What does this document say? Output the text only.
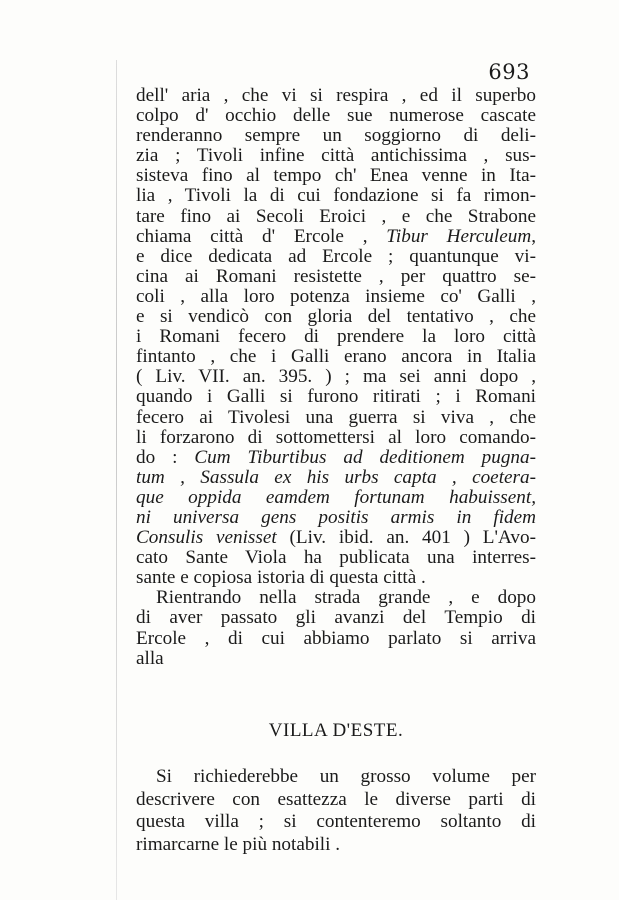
693
dell' aria , che vi si respira , ed il superbo
colpo d' occhio delle sue numerose cascate
renderanno sempre un soggiorno di deli-
zia ; Tivoli infine città antichissima , sus-
sisteva fino al tempo ch' Enea venne in Ita-
lia , Tivoli la di cui fondazione si fa rimon-
tare fino ai Secoli Eroici , e che Strabone
chiama città d' Ercole , Tibur Herculeum,
e dice dedicata ad Ercole ; quantunque vi-
cina ai Romani resistette , per quattro se-
coli , alla loro potenza insieme co' Galli ,
e si vendicò con gloria del tentativo , che
i Romani fecero di prendere la loro città
fintanto , che i Galli erano ancora in Italia
( Liv. VII. an. 395. ) ; ma sei anni dopo ,
quando i Galli si furono ritirati ; i Romani
fecero ai Tivolesi una guerra si viva , che
li forzarono di sottomettersi al loro comando-
do : Cum Tiburtibus ad deditionem pugna-
tum , Sassula ex his urbs capta , coetera-
que oppida eamdem fortunam habuissent,
ni universa gens positis armis in fidem
Consulis venisset (Liv. ibid. an. 401 ) L'Avo-
cato Sante Viola ha publicata una interres-
sante e copiosa istoria di questa città .
Rientrando nella strada grande , e dopo
di aver passato gli avanzi del Tempio di
Ercole , di cui abbiamo parlato si arriva
alla
VILLA D'ESTE.
Si richiederebbe un grosso volume per
descrivere con esattezza le diverse parti di
questa villa ; si contenteremo soltanto di
rimarcarne le più notabili .
